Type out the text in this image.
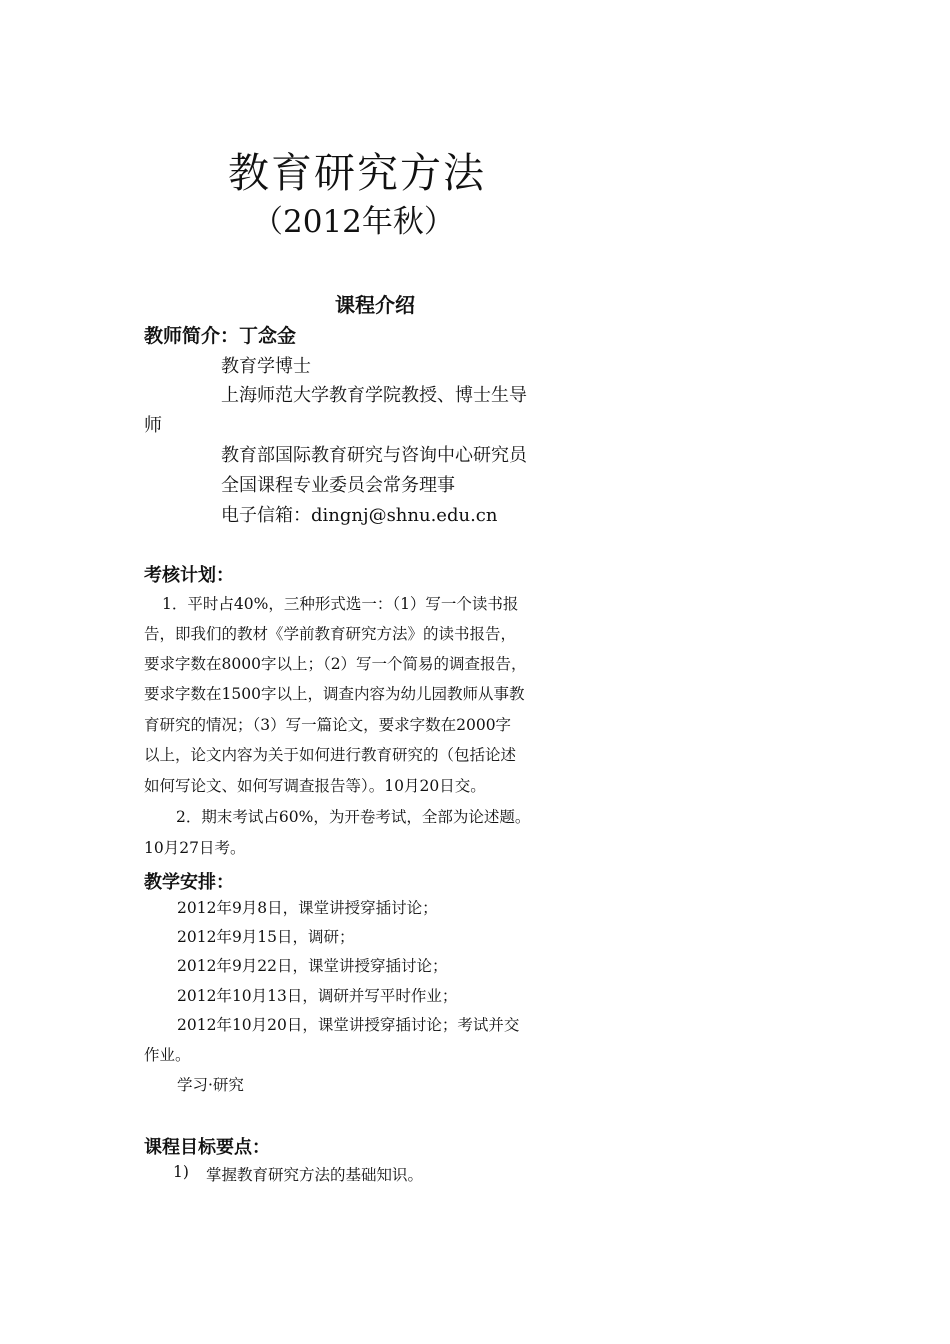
教育研究方法
（2012年秋）
课程介绍
教师简介：丁念金
教育学博士
上海师范大学教育学院教授、博士生导
师
教育部国际教育研究与咨询中心研究员
全国课程专业委员会常务理事
电子信箱：dingnj@shnu.edu.cn
考核计划：
1．平时占40%，三种形式选一：（1）写一个读书报
告，即我们的教材《学前教育研究方法》的读书报告，
要求字数在8000字以上；（2）写一个简易的调查报告，
要求字数在1500字以上，调查内容为幼儿园教师从事教
育研究的情况；（3）写一篇论文，要求字数在2000字
以上，论文内容为关于如何进行教育研究的（包括论述
如何写论文、如何写调查报告等）。10月20日交。
2．期末考试占60%，为开卷考试，全部为论述题。
10月27日考。
教学安排：
2012年9月8日，课堂讲授穿插讨论；
2012年9月15日，调研；
2012年9月22日，课堂讲授穿插讨论；
2012年10月13日，调研并写平时作业；
2012年10月20日，课堂讲授穿插讨论；考试并交
作业。
学习·研究
课程目标要点：
1) 掌握教育研究方法的基础知识。
